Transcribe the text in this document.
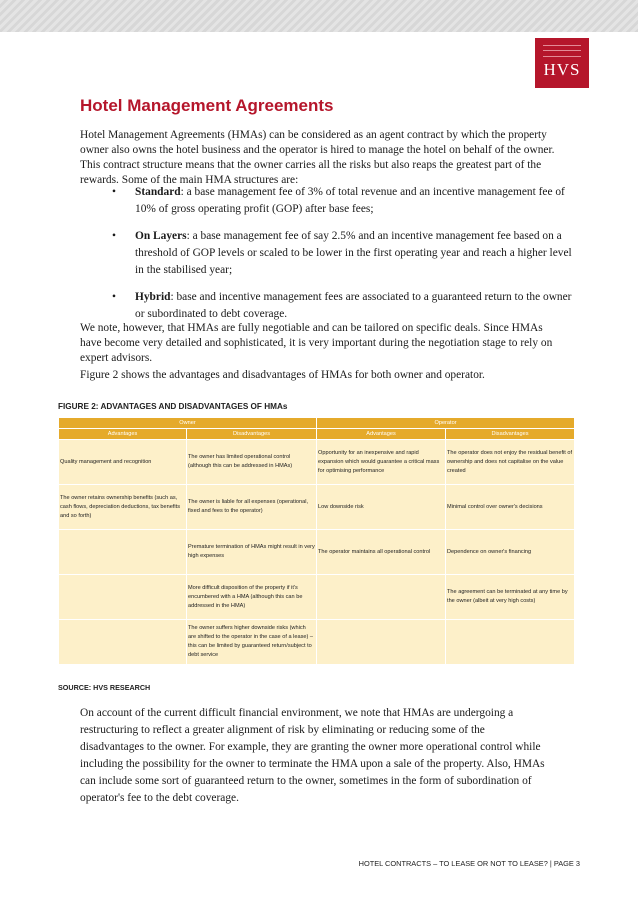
HVS
Hotel Management Agreements

Hotel Management Agreements (HMAs) can be considered as an agent contract by which the property owner also owns the hotel business and the operator is hired to manage the hotel on behalf of the owner. This contract structure means that the owner carries all the risks but also reaps the greatest part of the rewards. Some of the main HMA structures are:

• Standard: a base management fee of 3% of total revenue and an incentive management fee of 10% of gross operating profit (GOP) after base fees;
• On Layers: a base management fee of say 2.5% and an incentive management fee based on a threshold of GOP levels or scaled to be lower in the first operating year and reach a higher level in the stabilised year;
• Hybrid: base and incentive management fees are associated to a guaranteed return to the owner or subordinated to debt coverage.

We note, however, that HMAs are fully negotiable and can be tailored on specific deals. Since HMAs have become very detailed and sophisticated, it is very important during the negotiation stage to rely on expert advisors.

Figure 2 shows the advantages and disadvantages of HMAs for both owner and operator.

FIGURE 2: ADVANTAGES AND DISADVANTAGES OF HMAs

Owner		Operator	
Advantages	Disadvantages	Advantages	Disadvantages
Quality management and recognition	The owner has limited operational control (although this can be addressed in HMAs)	Opportunity for an inexpensive and rapid expansion which would guarantee a critical mass for optimising performance	The operator does not enjoy the residual benefit of ownership and does not capitalise on the value created
The owner retains ownership benefits (such as, cash flows, depreciation deductions, tax benefits and so forth)	The owner is liable for all expenses (operational, fixed and fees to the operator)	Low downside risk	Minimal control over owner's decisions
	Premature termination of HMAs might result in very high expenses	The operator maintains all operational control	Dependence on owner's financing
	More difficult disposition of the property if it's encumbered with a HMA (although this can be addressed in the HMA)		The agreement can be terminated at any time by the owner (albeit at very high costs)
	The owner suffers higher downside risks (which are shifted to the operator in the case of a lease) – this can be limited by guaranteed return/subject to debt service		

SOURCE: HVS RESEARCH

On account of the current difficult financial environment, we note that HMAs are undergoing a restructuring to reflect a greater alignment of risk by eliminating or reducing some of the disadvantages to the owner. For example, they are granting the owner more operational control while including the possibility for the owner to terminate the HMA upon a sale of the property. Also, HMAs can include some sort of guaranteed return to the owner, sometimes in the form of subordination of operator's fee to the debt coverage.

HOTEL CONTRACTS – TO LEASE OR NOT TO LEASE? | PAGE 3
